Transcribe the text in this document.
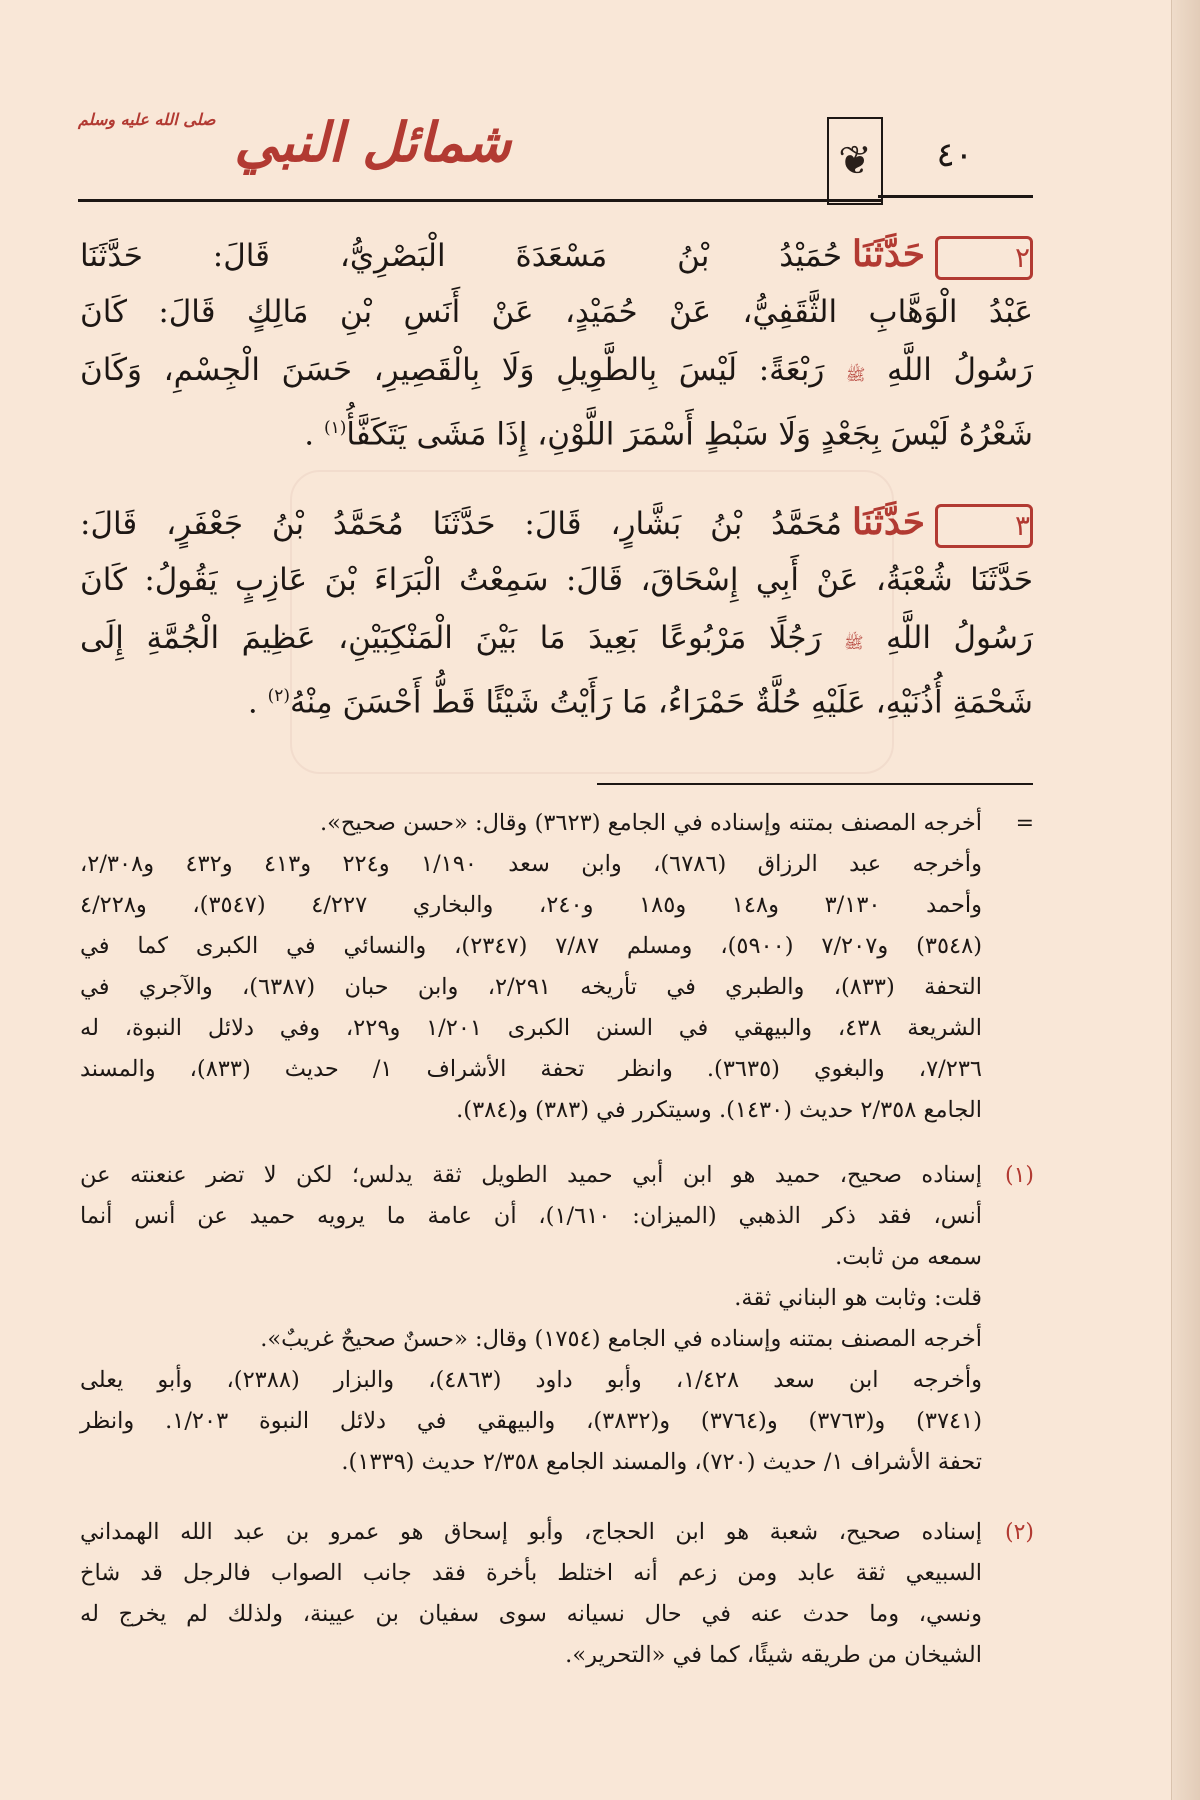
شمائل النبي $^{صلى الله عليه وسلم}$
❦	٤٠
٢حَدَّثَنَاحُمَيْدُ بْنُ مَسْعَدَةَ الْبَصْرِيُّ، قَالَ: حَدَّثَنَا
عَبْدُ الْوَهَّابِ الثَّقَفِيُّ، عَنْ حُمَيْدٍ، عَنْ أَنَسِ بْنِ مَالِكٍ قَالَ: كَانَ
رَسُولُ اللَّهِ ﷺ رَبْعَةً: لَيْسَ بِالطَّوِيلِ وَلَا بِالْقَصِيرِ، حَسَنَ الْجِسْمِ، وَكَانَ
شَعْرُهُ لَيْسَ بِجَعْدٍ وَلَا سَبْطٍ أَسْمَرَ اللَّوْنِ، إِذَا مَشَى يَتَكَفَّأُ$^{(١)}$ .
٣حَدَّثَنَامُحَمَّدُ بْنُ بَشَّارٍ، قَالَ: حَدَّثَنَا مُحَمَّدُ بْنُ جَعْفَرٍ، قَالَ:
حَدَّثَنَا شُعْبَةُ، عَنْ أَبِي إِسْحَاقَ، قَالَ: سَمِعْتُ الْبَرَاءَ بْنَ عَازِبٍ يَقُولُ: كَانَ
رَسُولُ اللَّهِ ﷺ رَجُلًا مَرْبُوعًا بَعِيدَ مَا بَيْنَ الْمَنْكِبَيْنِ، عَظِيمَ الْجُمَّةِ إِلَى
شَحْمَةِ أُذُنَيْهِ، عَلَيْهِ حُلَّةٌ حَمْرَاءُ، مَا رَأَيْتُ شَيْئًا قَطُّ أَحْسَنَ مِنْهُ$^{(٢)}$ .
=
أخرجه المصنف بمتنه وإسناده في الجامع (٣٦٢٣) وقال: «حسن صحيح».
وأخرجه عبد الرزاق (٦٧٨٦)، وابن سعد ١/١٩٠ و٢٢٤ و٤١٣ و٤٣٢ و٢/٣٠٨،
وأحمد ٣/١٣٠ و١٤٨ و١٨٥ و٢٤٠، والبخاري ٤/٢٢٧ (٣٥٤٧)، و٤/٢٢٨
(٣٥٤٨) و٧/٢٠٧ (٥٩٠٠)، ومسلم ٧/٨٧ (٢٣٤٧)، والنسائي في الكبرى كما في
التحفة (٨٣٣)، والطبري في تأريخه ٢/٢٩١، وابن حبان (٦٣٨٧)، والآجري في
الشريعة ٤٣٨، والبيهقي في السنن الكبرى ١/٢٠١ و٢٢٩، وفي دلائل النبوة، له
٧/٢٣٦، والبغوي (٣٦٣٥). وانظر تحفة الأشراف ١/ حديث (٨٣٣)، والمسند
الجامع ٢/٣٥٨ حديث (١٤٣٠). وسيتكرر في (٣٨٣) و(٣٨٤).
(١)
إسناده صحيح، حميد هو ابن أبي حميد الطويل ثقة يدلس؛ لكن لا تضر عنعنته عن
أنس، فقد ذكر الذهبي (الميزان: ١/٦١٠)، أن عامة ما يرويه حميد عن أنس أنما
سمعه من ثابت.
قلت: وثابت هو البناني ثقة.
أخرجه المصنف بمتنه وإسناده في الجامع (١٧٥٤) وقال: «حسنٌ صحيحٌ غريبٌ».
وأخرجه ابن سعد ١/٤٢٨، وأبو داود (٤٨٦٣)، والبزار (٢٣٨٨)، وأبو يعلى
(٣٧٤١) و(٣٧٦٣) و(٣٧٦٤) و(٣٨٣٢)، والبيهقي في دلائل النبوة ١/٢٠٣. وانظر
تحفة الأشراف ١/ حديث (٧٢٠)، والمسند الجامع ٢/٣٥٨ حديث (١٣٣٩).
(٢)
إسناده صحيح، شعبة هو ابن الحجاج، وأبو إسحاق هو عمرو بن عبد الله الهمداني
السبيعي ثقة عابد ومن زعم أنه اختلط بأخرة فقد جانب الصواب فالرجل قد شاخ
ونسي، وما حدث عنه في حال نسيانه سوى سفيان بن عيينة، ولذلك لم يخرج له
الشيخان من طريقه شيئًا، كما في «التحرير».
